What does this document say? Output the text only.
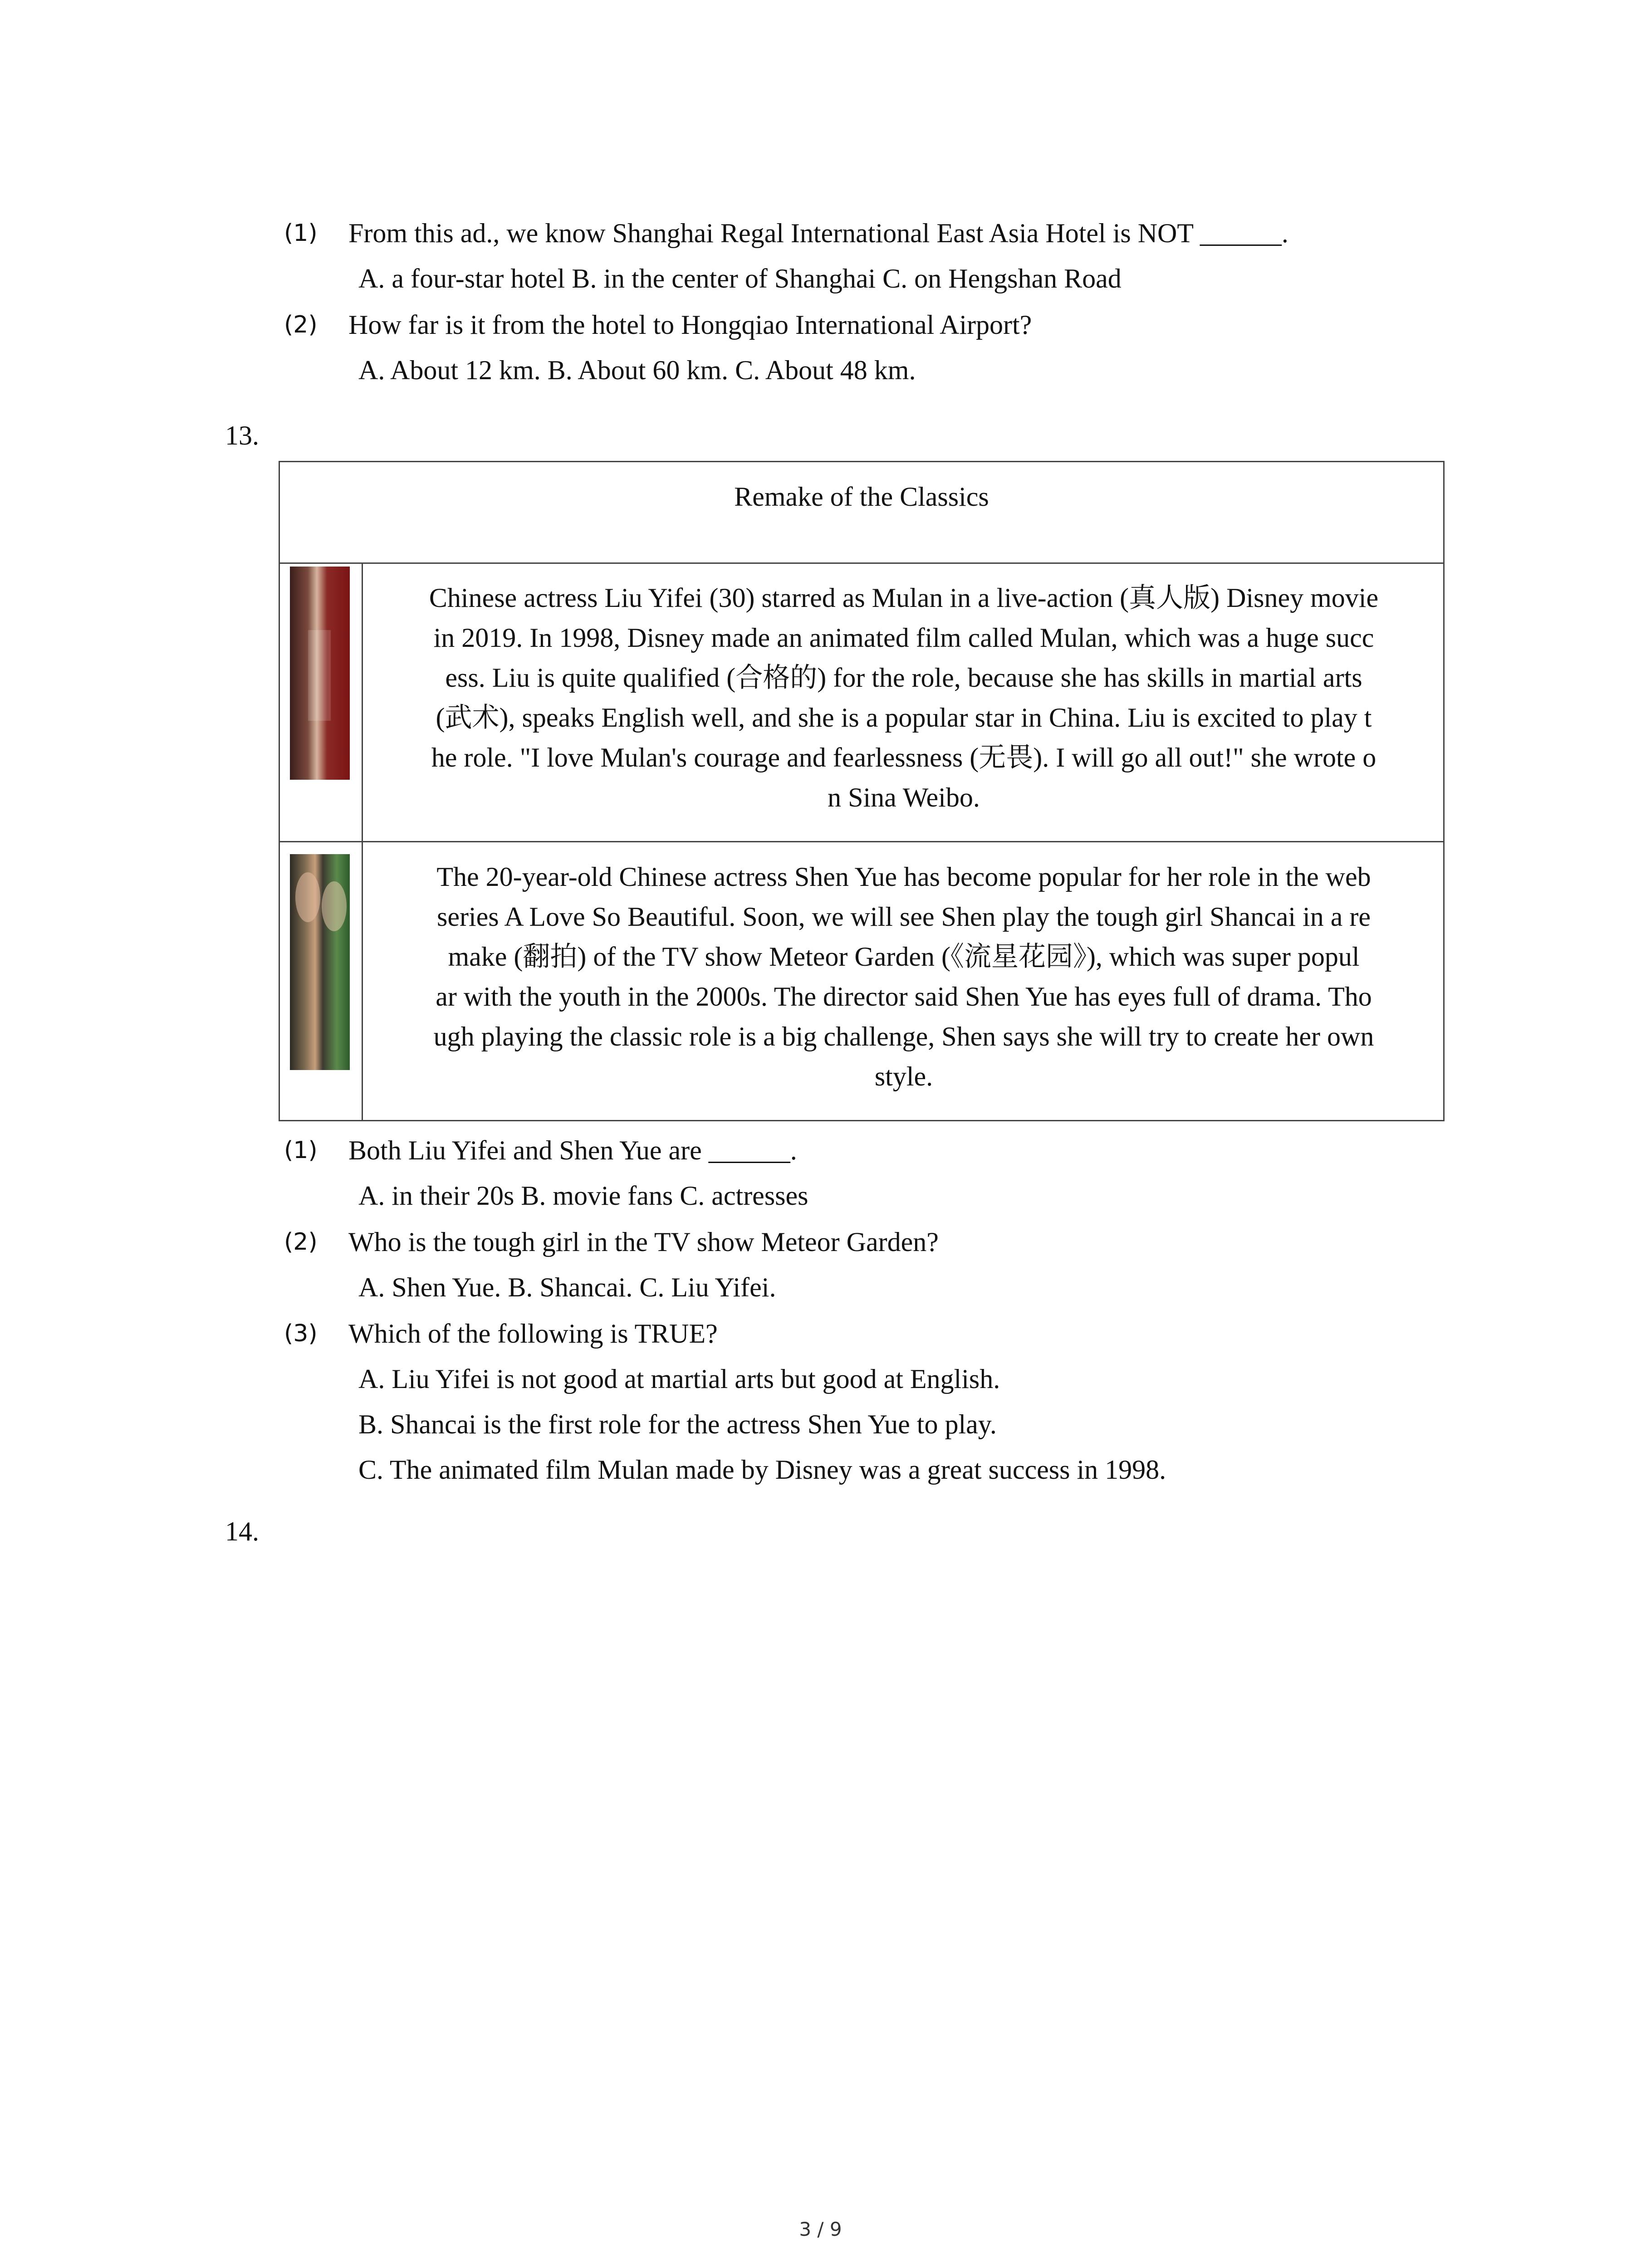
(1) From this ad., we know Shanghai Regal International East Asia Hotel is NOT ______.
A. a four-star hotel B. in the center of Shanghai C. on Hengshan Road
(2) How far is it from the hotel to Hongqiao International Airport?
A. About 12 km. B. About 60 km. C. About 48 km.
13.
Remake of the Classics
Chinese actress Liu Yifei (30) starred as Mulan in a live-action (真人版) Disney movie
in 2019. In 1998, Disney made an animated film called Mulan, which was a huge succ
ess. Liu is quite qualified (合格的) for the role, because she has skills in martial arts
(武术), speaks English well, and she is a popular star in China. Liu is excited to play t
he role. "I love Mulan's courage and fearlessness (无畏). I will go all out!" she wrote o
n Sina Weibo.
The 20-year-old Chinese actress Shen Yue has become popular for her role in the web
series A Love So Beautiful. Soon, we will see Shen play the tough girl Shancai in a re
make (翻拍) of the TV show Meteor Garden (《流星花园》), which was super popul
ar with the youth in the 2000s. The director said Shen Yue has eyes full of drama. Tho
ugh playing the classic role is a big challenge, Shen says she will try to create her own
style.
(1) Both Liu Yifei and Shen Yue are ______.
A. in their 20s B. movie fans C. actresses
(2) Who is the tough girl in the TV show Meteor Garden?
A. Shen Yue. B. Shancai. C. Liu Yifei.
(3) Which of the following is TRUE?
A. Liu Yifei is not good at martial arts but good at English.
B. Shancai is the first role for the actress Shen Yue to play.
C. The animated film Mulan made by Disney was a great success in 1998.
14.
3 / 9
